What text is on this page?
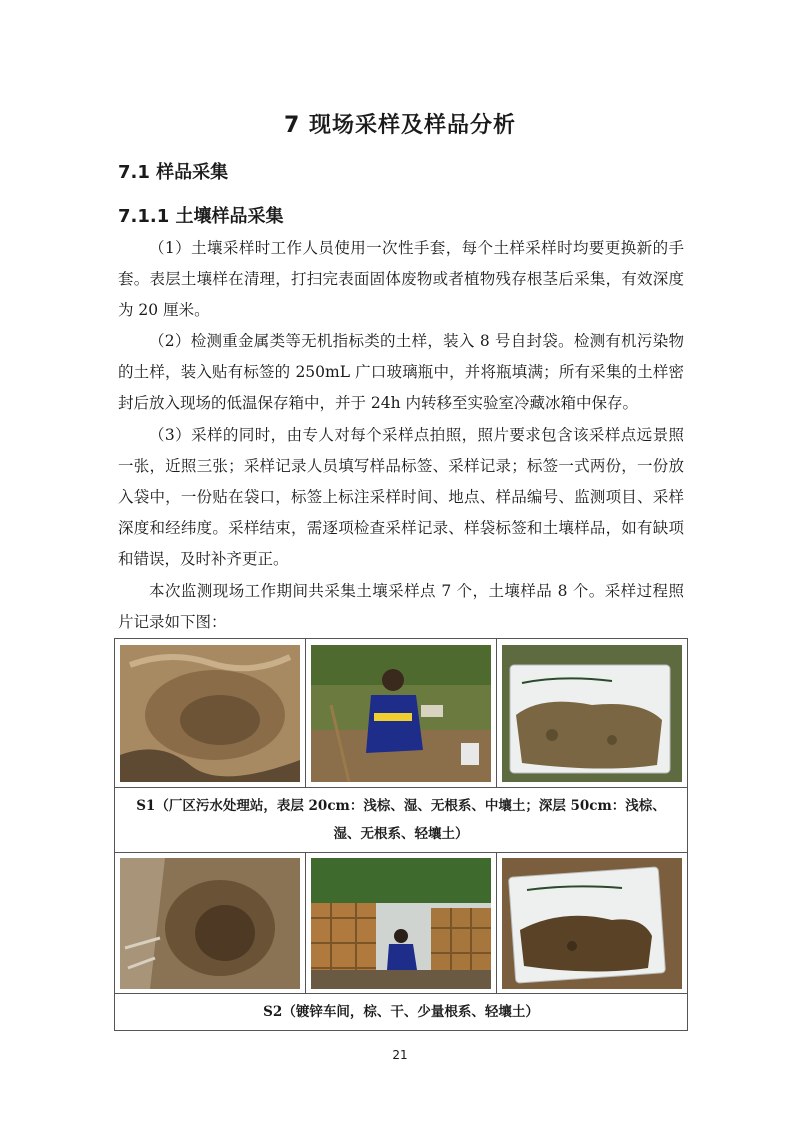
7 现场采样及样品分析
7.1 样品采集
7.1.1 土壤样品采集

（1）土壤采样时工作人员使用一次性手套，每个土样采样时均要更换新的手套。表层土壤样在清理，打扫完表面固体废物或者植物残存根茎后采集，有效深度为 20 厘米。

（2）检测重金属类等无机指标类的土样，装入 8 号自封袋。检测有机污染物的土样，装入贴有标签的 250mL 广口玻璃瓶中，并将瓶填满；所有采集的土样密封后放入现场的低温保存箱中，并于 24h 内转移至实验室冷藏冰箱中保存。

（3）采样的同时，由专人对每个采样点拍照，照片要求包含该采样点远景照一张，近照三张；采样记录人员填写样品标签、采样记录；标签一式两份，一份放入袋中，一份贴在袋口，标签上标注采样时间、地点、样品编号、监测项目、采样深度和经纬度。采样结束，需逐项检查采样记录、样袋标签和土壤样品，如有缺项和错误，及时补齐更正。

本次监测现场工作期间共采集土壤采样点 7 个，土壤样品 8 个。采样过程照片记录如下图：

S1（厂区污水处理站，表层 20cm：浅棕、湿、无根系、中壤土；深层 50cm：浅棕、湿、无根系、轻壤土）		

S2（镀锌车间，棕、干、少量根系、轻壤土）		
21
